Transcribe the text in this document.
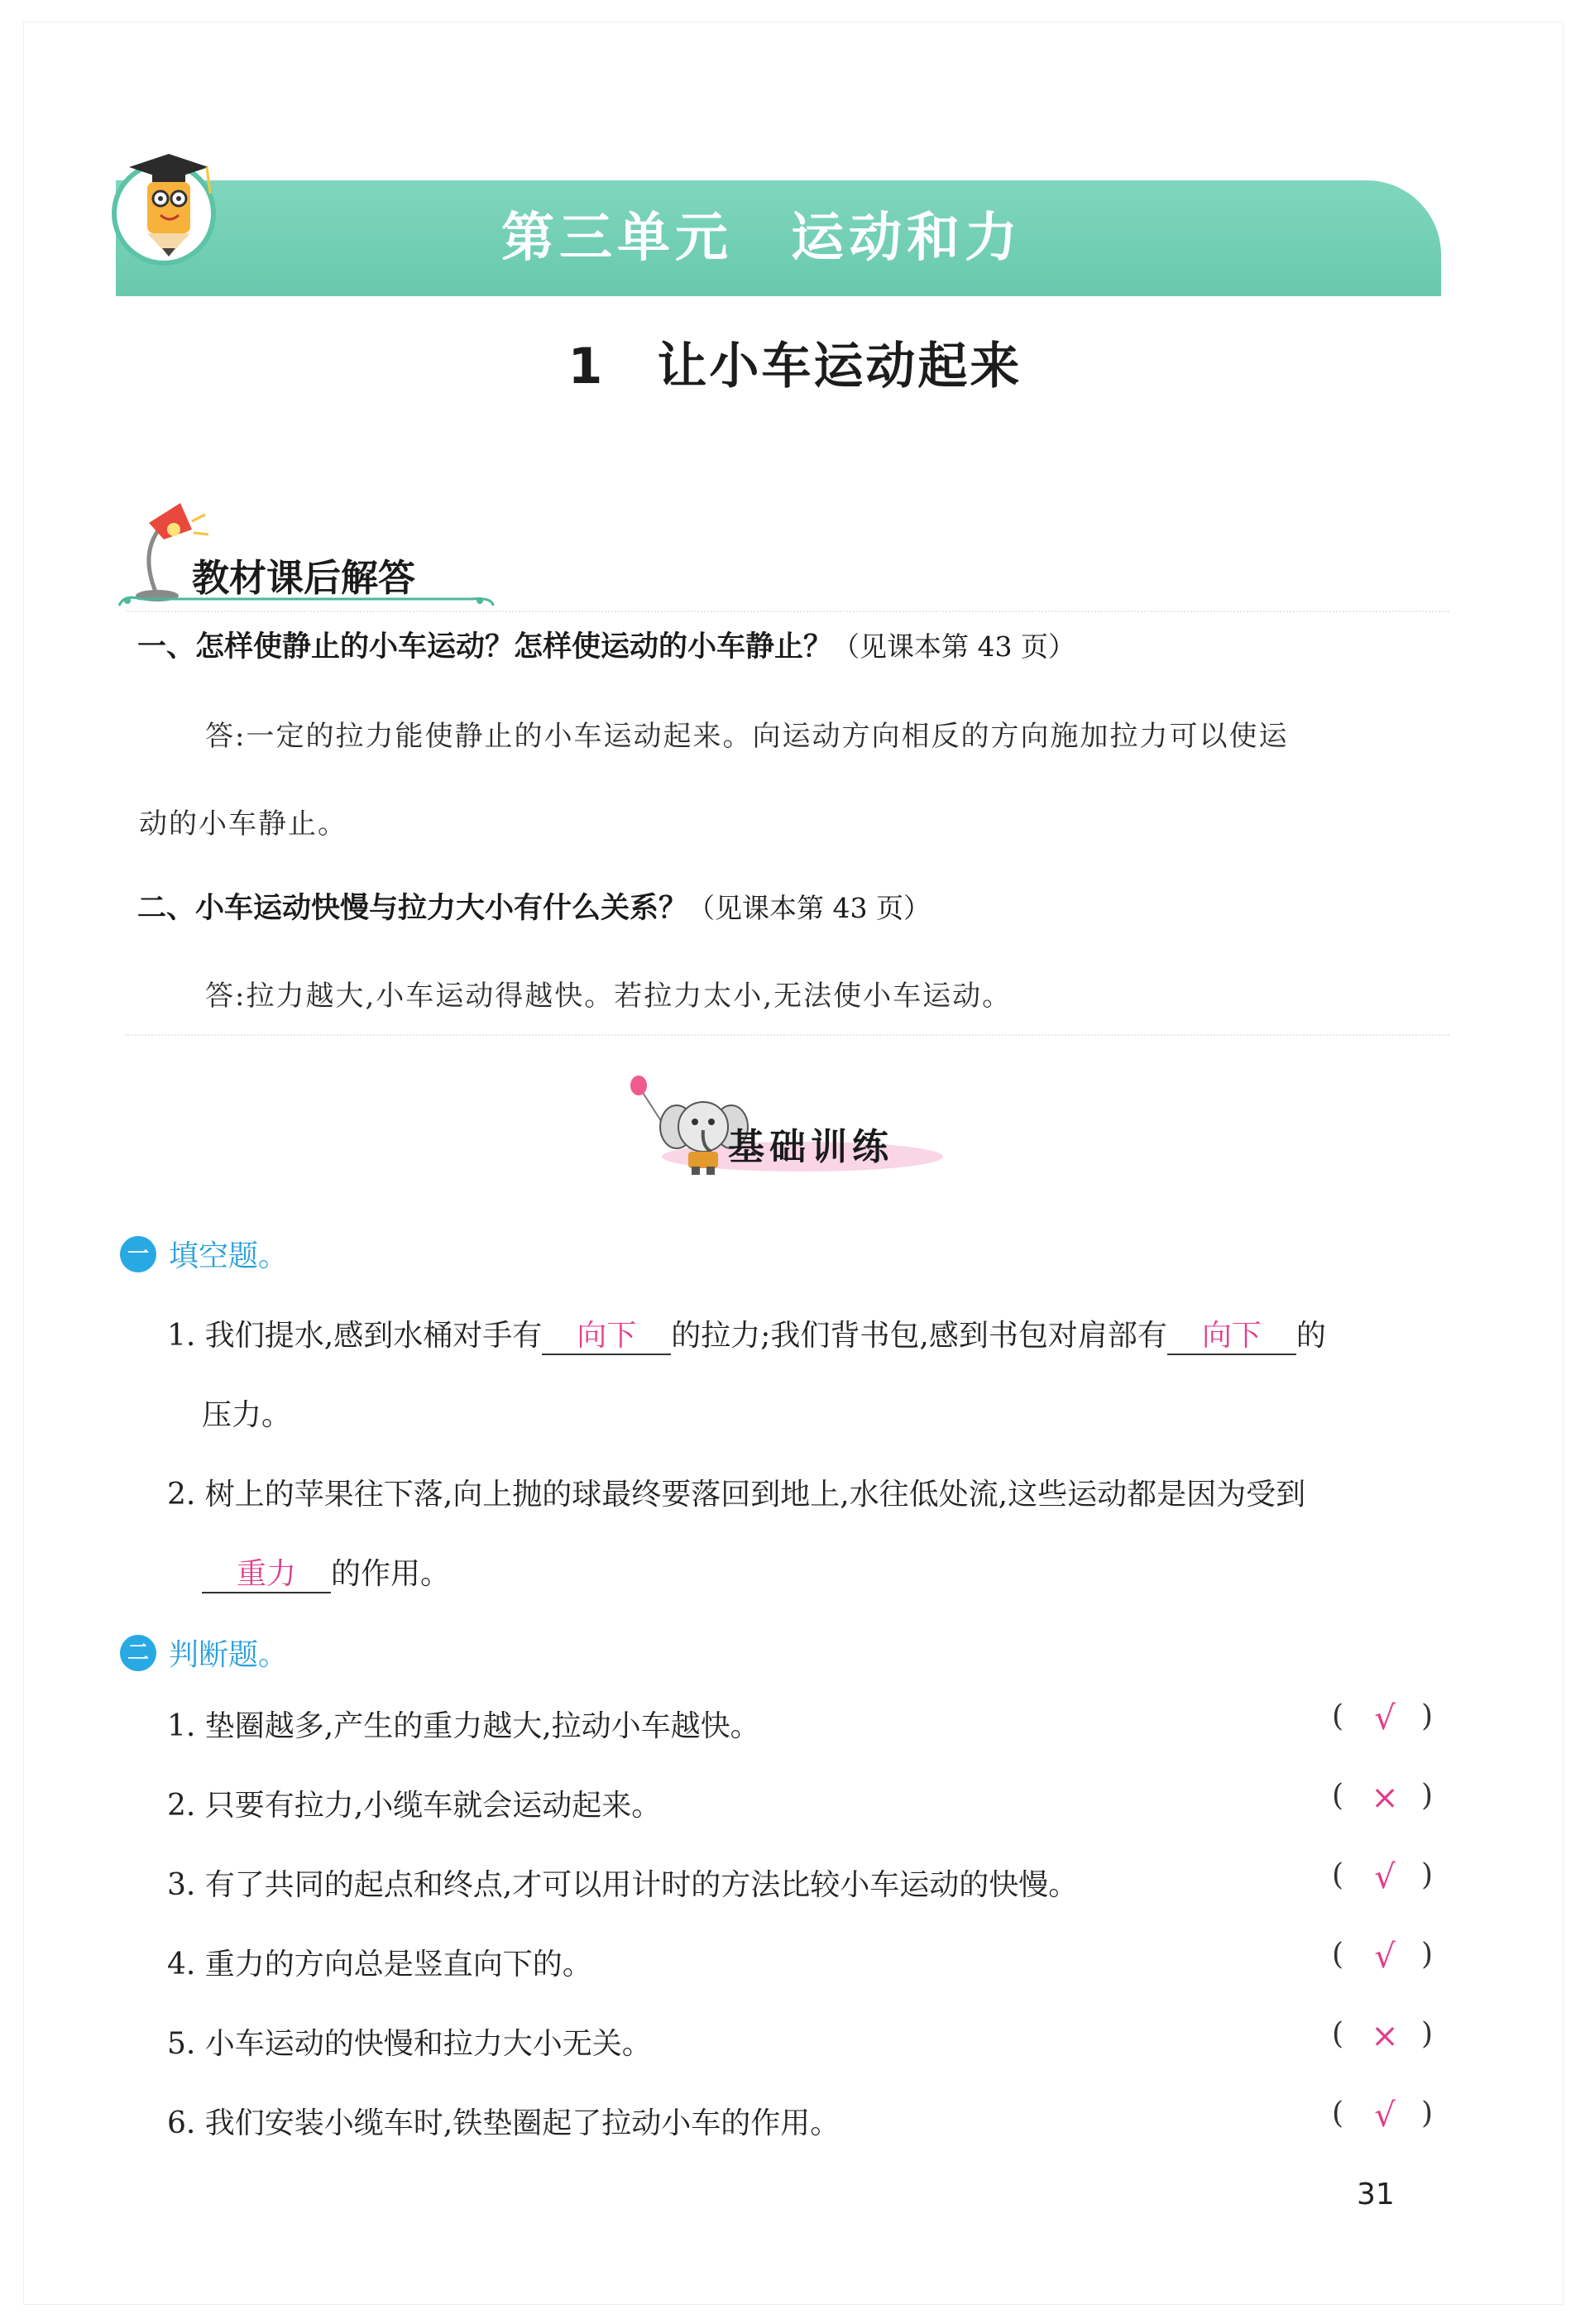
第三单元　运动和力
1　让小车运动起来
教材课后解答
一、怎样使静止的小车运动？怎样使运动的小车静止？（见课本第 43 页）
答:一定的拉力能使静止的小车运动起来。向运动方向相反的方向施加拉力可以使运
动的小车静止。
二、小车运动快慢与拉力大小有什么关系？（见课本第 43 页）
答:拉力越大,小车运动得越快。若拉力太小,无法使小车运动。
基础训练
一 填空题。
1. 我们提水,感到水桶对手有 向下 的拉力;我们背书包,感到书包对肩部有 向下 的
压力。
2. 树上的苹果往下落,向上抛的球最终要落回到地上,水往低处流,这些运动都是因为受到
重力 的作用。
二 判断题。
1. 垫圈越多,产生的重力越大,拉动小车越快。	( √ )
2. 只要有拉力,小缆车就会运动起来。	( × )
3. 有了共同的起点和终点,才可以用计时的方法比较小车运动的快慢。	( √ )
4. 重力的方向总是竖直向下的。	( √ )
5. 小车运动的快慢和拉力大小无关。	( × )
6. 我们安装小缆车时,铁垫圈起了拉动小车的作用。	( √ )
31
